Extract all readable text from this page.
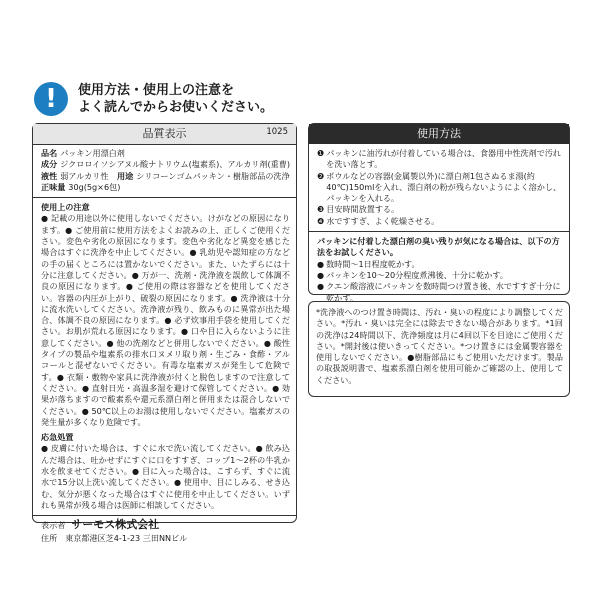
!	使用方法・使用上の注意を
よく読んでからお使いください。
品質表示	1025
品名 パッキン用漂白剤
成分 ジクロロイソシアヌル酸ナトリウム(塩素系)、アルカリ剤(重曹)
液性 弱アルカリ性 用途 シリコーンゴムパッキン・樹脂部品の洗浄
正味量 30g(5g×6包)
使用上の注意
● 記載の用途以外に使用しないでください。けがなどの原因になります。● ご使用前に使用方法をよくお読みの上、正しくご使用ください。変色や劣化の原因になります。変色や劣化など異変を感じた場合はすぐに洗浄を中止してください。● 乳幼児や認知症の方などの手の届くところには置かないでください。また、いたずらには十分に注意してください。● 万が一、洗剤・洗浄液を誤飲して体調不良の原因になります。● ご使用の際は容器などを使用してください。容器の内圧が上がり、破裂の原因になります。● 洗浄液は十分に流水洗いしてください。洗浄液が残り、飲みものに異常が出た場合、体調不良の原因になります。● 必ず炊事用手袋を使用してください。お肌が荒れる原因になります。● 口や目に入らないように注意してください。● 他の洗剤などと併用しないでください。● 酸性タイプの製品や塩素系の排水口ヌメリ取り剤・生ごみ・食酢・アルコールと混ぜないでください。有毒な塩素ガスが発生して危険です。● 衣類・敷物や家具に洗浄液が付くと脱色しますので注意してください。● 直射日光・高温多湿を避けて保管してください。● 効果が落ちますので酸素系や還元系漂白剤と併用または混合しないでください。● 50℃以上のお湯は使用しないでください。塩素ガスの発生量が多くなり危険です。
応急処置
● 皮膚に付いた場合は、すぐに水で洗い流してください。● 飲み込んだ場合は、吐かせずにすぐに口をすすぎ、コップ1〜2杯の牛乳か水を飲ませてください。● 目に入った場合は、こすらず、すぐに流水で15分以上洗い流してください。● 使用中、目にしみる、せき込む、気分が悪くなった場合はすぐに使用を中止してください。いずれも異常が残る場合は医師に相談してください。
表示者 サーモス株式会社
住所 東京都港区芝4-1-23 三田NNビル
使用方法
❶ パッキンに油汚れが付着している場合は、食器用中性洗剤で汚れを洗い落とす。
❷ ボウルなどの容器(金属製以外)に漂白剤1包さぬるま湯(約40℃)150mlを入れ、漂白剤の粉が残らないようによく溶かし、パッキンを入れる。
❸ 目安時間放置する。
❹ 水ですすぎ、よく乾燥させる。
パッキンに付着した漂白剤の臭い残りが気になる場合は、以下の方法をお試しください。
● 数時間〜1日程度乾かす。
● パッキンを10〜20分程度煮沸後、十分に乾かす。
● クエン酸溶液にパッキンを数時間つけ置き後、水ですすぎ十分に乾かす。
*洗浄液へのつけ置き時間は、汚れ・臭いの程度により調整してください。*汚れ・臭いは完全には除去できない場合があります。*1回の洗浄は24時間以下、洗浄頻度は月に4回以下を目途にご使用ください。*開封後は使いきってください。*つけ置きには金属製容器を使用しないでください。●樹脂部品にもご使用いただけます。製品の取扱説明書で、塩素系漂白剤を使用可能かご確認の上、使用してください。
